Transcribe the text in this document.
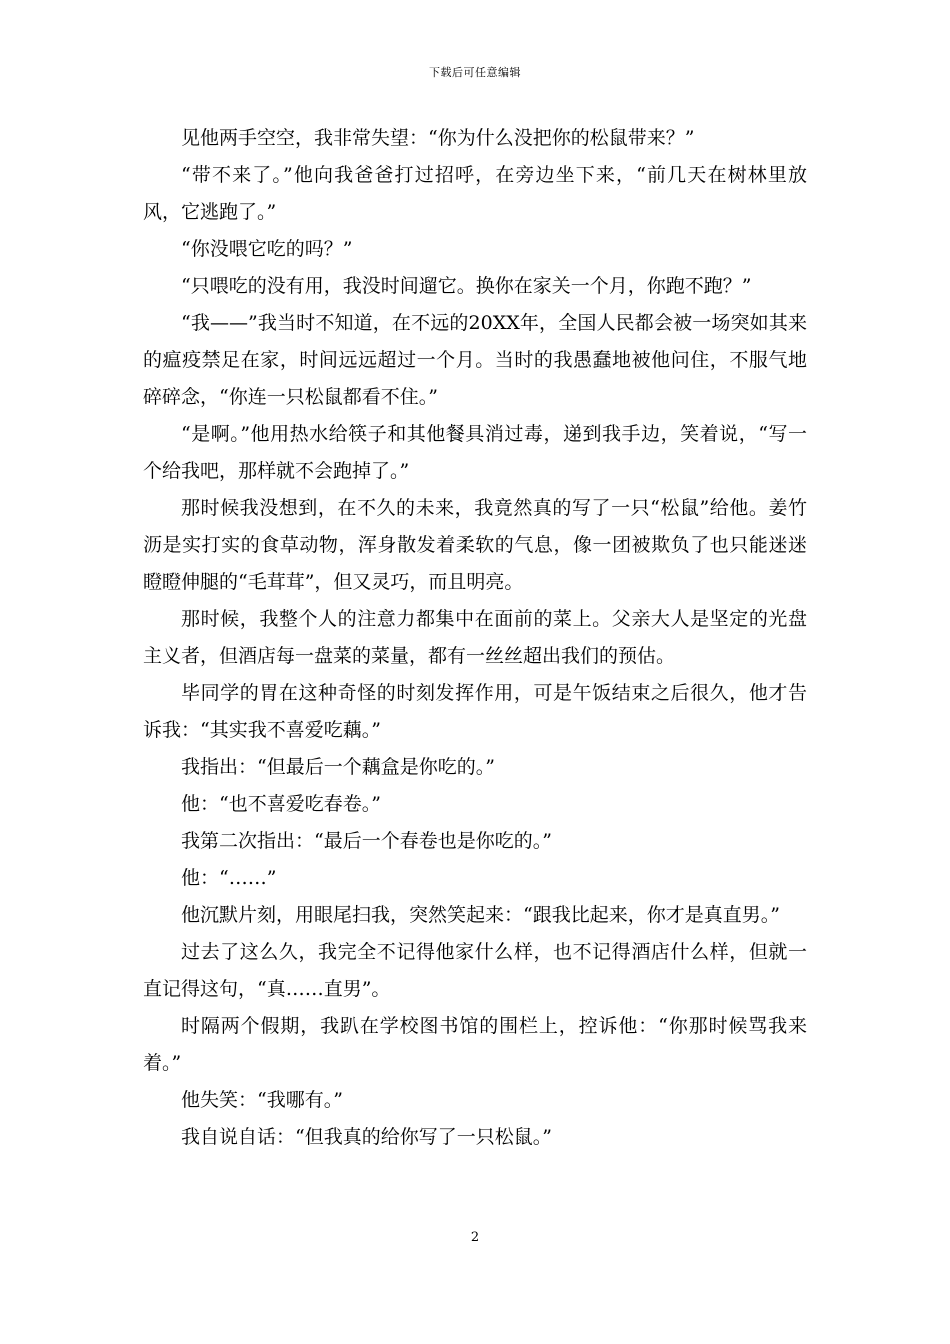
下载后可任意编辑

见他两手空空，我非常失望：“你为什么没把你的松鼠带来？”

“带不来了。”他向我爸爸打过招呼，在旁边坐下来，“前几天在树林里放风，它逃跑了。”

“你没喂它吃的吗？”

“只喂吃的没有用，我没时间遛它。换你在家关一个月，你跑不跑？”

“我——”我当时不知道，在不远的20XX年，全国人民都会被一场突如其来的瘟疫禁足在家，时间远远超过一个月。当时的我愚蠢地被他问住，不服气地碎碎念，“你连一只松鼠都看不住。”

“是啊。”他用热水给筷子和其他餐具消过毒，递到我手边，笑着说，“写一个给我吧，那样就不会跑掉了。”

那时候我没想到，在不久的未来，我竟然真的写了一只“松鼠”给他。姜竹沥是实打实的食草动物，浑身散发着柔软的气息，像一团被欺负了也只能迷迷瞪瞪伸腿的“毛茸茸”，但又灵巧，而且明亮。

那时候，我整个人的注意力都集中在面前的菜上。父亲大人是坚定的光盘主义者，但酒店每一盘菜的菜量，都有一丝丝超出我们的预估。

毕同学的胃在这种奇怪的时刻发挥作用，可是午饭结束之后很久，他才告诉我：“其实我不喜爱吃藕。”

我指出：“但最后一个藕盒是你吃的。”

他：“也不喜爱吃春卷。”

我第二次指出：“最后一个春卷也是你吃的。”

他：“……”

他沉默片刻，用眼尾扫我，突然笑起来：“跟我比起来，你才是真直男。”

过去了这么久，我完全不记得他家什么样，也不记得酒店什么样，但就一直记得这句，“真……直男”。

时隔两个假期，我趴在学校图书馆的围栏上，控诉他：“你那时候骂我来着。”

他失笑：“我哪有。”

我自说自话：“但我真的给你写了一只松鼠。”

2
